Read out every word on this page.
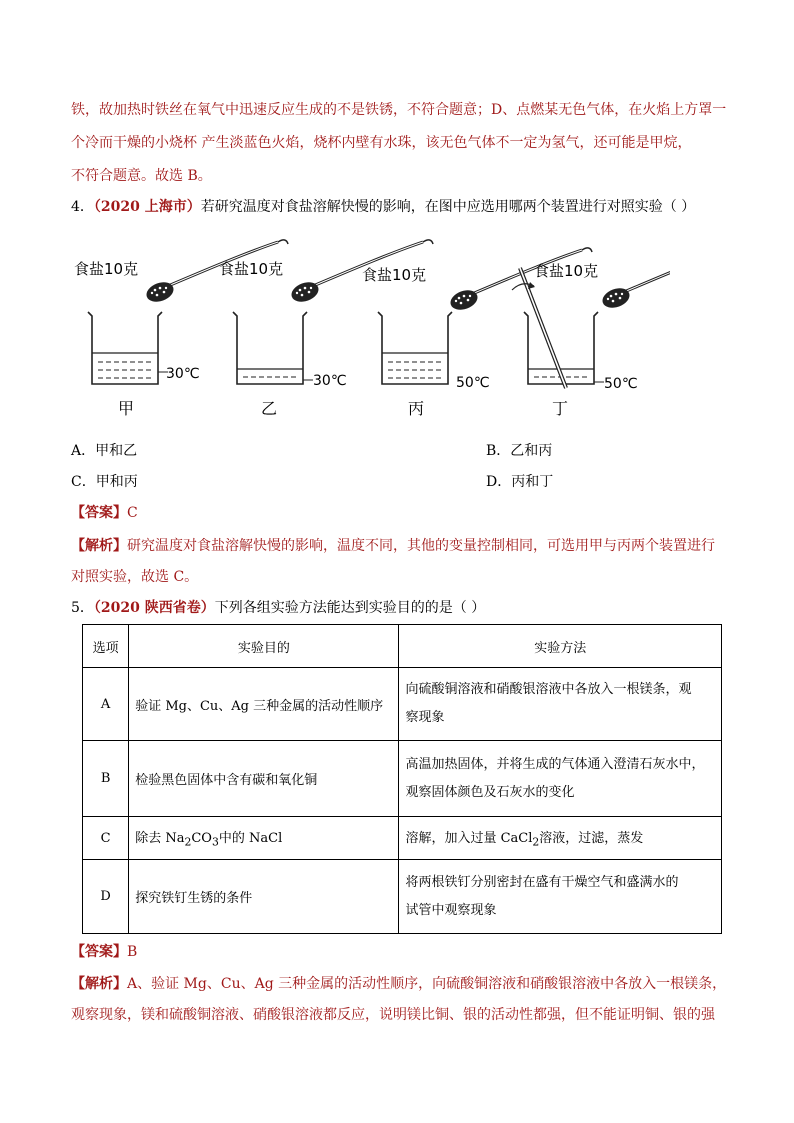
铁，故加热时铁丝在氧气中迅速反应生成的不是铁锈，不符合题意；D、点燃某无色气体，在火焰上方罩一
个冷而干燥的小烧杯 产生淡蓝色火焰，烧杯内壁有水珠，该无色气体不一定为氢气，还可能是甲烷，
不符合题意。故选 B。
4．（2020 上海市）若研究温度对食盐溶解快慢的影响，在图中应选用哪两个装置进行对照实验（ ）
食盐10克
30℃
甲
食盐10克
30℃
乙
食盐10克
50℃
丙
食盐10克
50℃
丁
A．甲和乙	B．乙和丙
C．甲和丙	D．丙和丁
【答案】C
【解析】研究温度对食盐溶解快慢的影响，温度不同，其他的变量控制相同，可选用甲与丙两个装置进行
对照实验，故选 C。
5．（2020 陕西省卷）下列各组实验方法能达到实验目的的是（ ）
选项	实验目的	实验方法
A	验证 Mg、Cu、Ag 三种金属的活动性顺序	向硫酸铜溶液和硝酸银溶液中各放入一根镁条，观
察现象

B	检验黑色固体中含有碳和氧化铜	高温加热固体，并将生成的气体通入澄清石灰水中，
观察固体颜色及石灰水的变化

C	除去 $Na_2CO_3$中的 NaCl	溶解，加入过量 CaCl$_2$溶液，过滤，蒸发
D	探究铁钉生锈的条件	将两根铁钉分别密封在盛有干燥空气和盛满水的
试管中观察现象
【答案】B
【解析】A、验证 Mg、Cu、Ag 三种金属的活动性顺序，向硫酸铜溶液和硝酸银溶液中各放入一根镁条，
观察现象，镁和硫酸铜溶液、硝酸银溶液都反应，说明镁比铜、银的活动性都强，但不能证明铜、银的强
